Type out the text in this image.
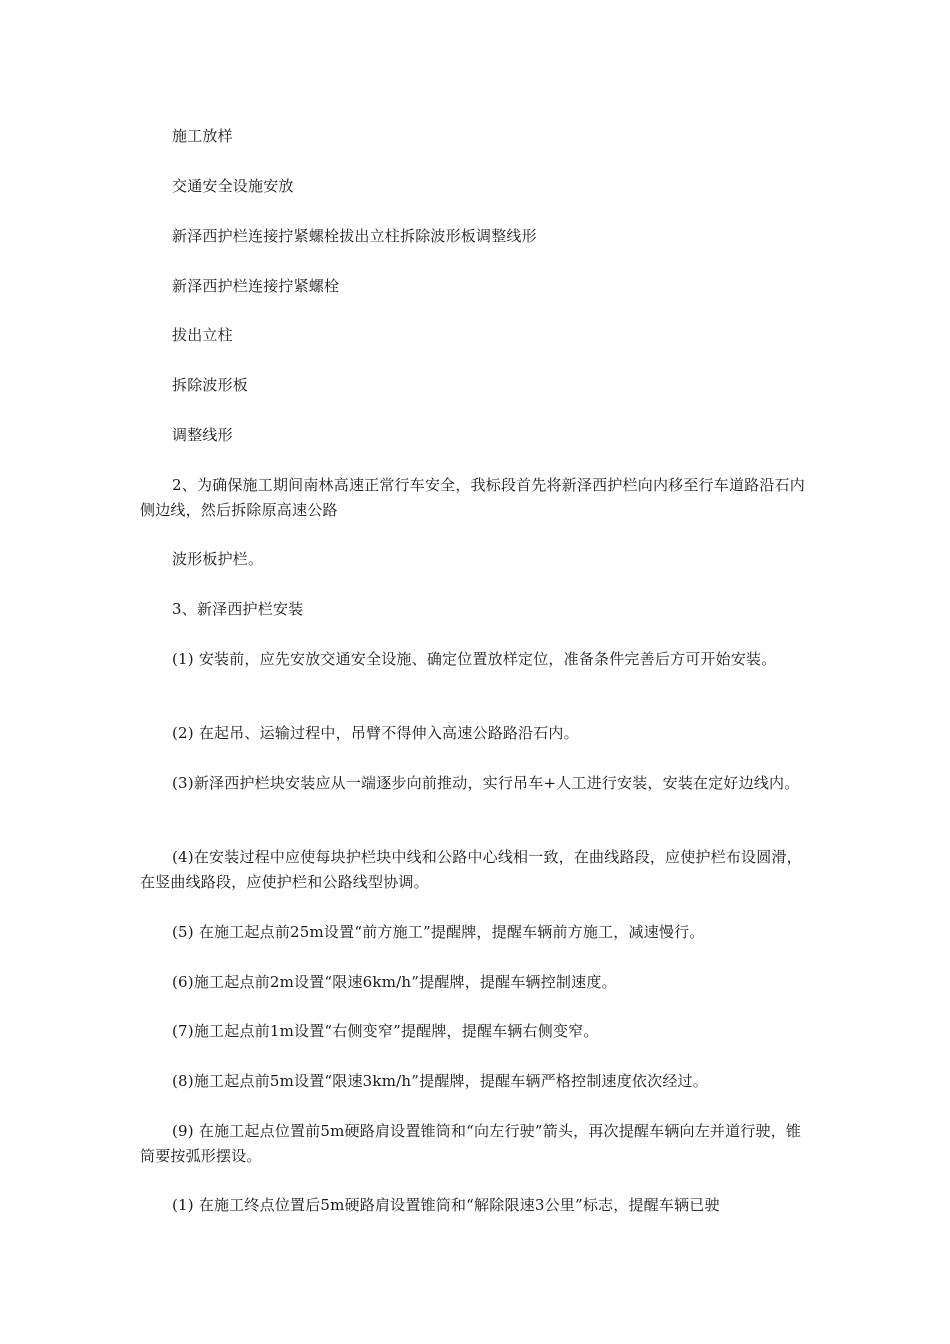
施工放样

交通安全设施安放

新泽西护栏连接拧紧螺栓拔出立柱拆除波形板调整线形

新泽西护栏连接拧紧螺栓

拔出立柱

拆除波形板

调整线形

2、为确保施工期间南林高速正常行车安全，我标段首先将新泽西护栏向内移至行车道路沿石内侧边线，然后拆除原高速公路

波形板护栏。

3、新泽西护栏安装

(1) 安装前，应先安放交通安全设施、确定位置放样定位，准备条件完善后方可开始安装。

(2) 在起吊、运输过程中，吊臂不得伸入高速公路路沿石内。

(3)新泽西护栏块安装应从一端逐步向前推动，实行吊车+人工进行安装，安装在定好边线内。

(4)在安装过程中应使每块护栏块中线和公路中心线相一致，在曲线路段，应使护栏布设圆滑，在竖曲线路段，应使护栏和公路线型协调。

(5) 在施工起点前25m设置“前方施工”提醒牌，提醒车辆前方施工，减速慢行。

(6)施工起点前2m设置“限速6km/h”提醒牌，提醒车辆控制速度。

(7)施工起点前1m设置“右侧变窄”提醒牌，提醒车辆右侧变窄。

(8)施工起点前5m设置“限速3km/h”提醒牌，提醒车辆严格控制速度依次经过。

(9) 在施工起点位置前5m硬路肩设置锥筒和“向左行驶”箭头，再次提醒车辆向左并道行驶，锥筒要按弧形摆设。

(1) 在施工终点位置后5m硬路肩设置锥筒和“解除限速3公里”标志，提醒车辆已驶
